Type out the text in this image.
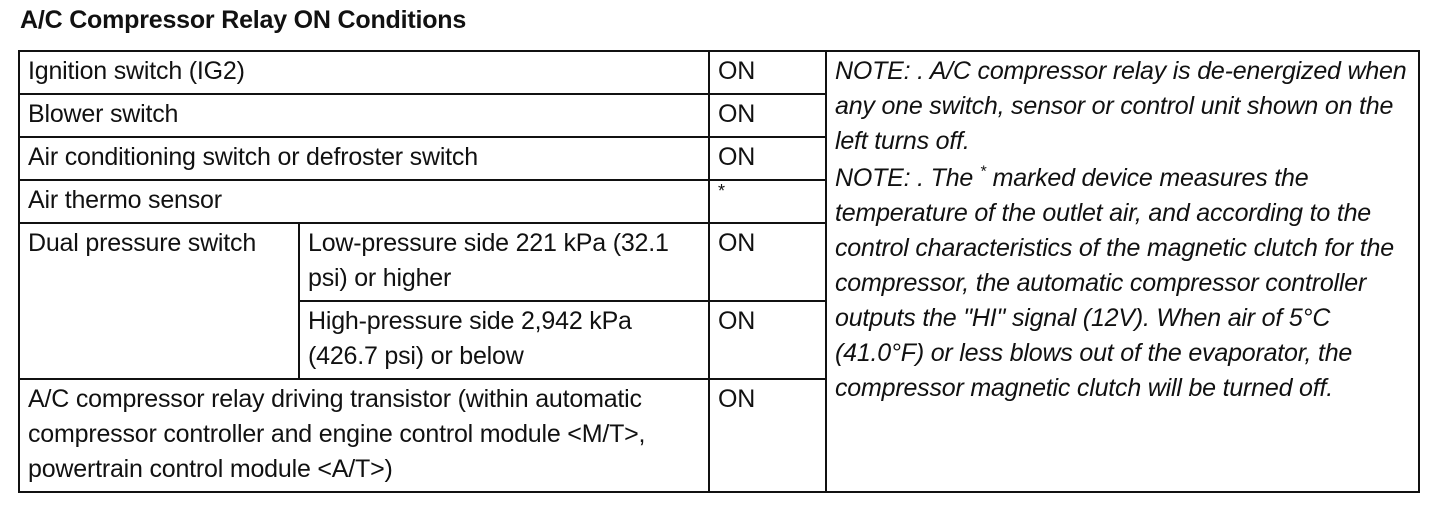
A/C Compressor Relay ON Conditions
Ignition switch (IG2)		ON	NOTE: . A/C compressor relay is de-energized when any one switch, sensor or control unit shown on the left turns off.

NOTE: . The * marked device measures the temperature of the outlet air, and according to the control characteristics of the magnetic clutch for the compressor, the automatic compressor controller outputs the "HI" signal (12V). When air of 5°C (41.0°F) or less blows out of the evaporator, the compressor magnetic clutch will be turned off.

Blower switch		ON	
Air conditioning switch or defroster switch		ON	
Air thermo sensor		*	
Dual pressure switch	Low-pressure side 221 kPa (32.1 psi) or higher	ON	
	High-pressure side 2,942 kPa (426.7 psi) or below	ON	
A/C compressor relay driving transistor (within automatic compressor controller and engine control module <M/T>, powertrain control module <A/T>)		ON	
